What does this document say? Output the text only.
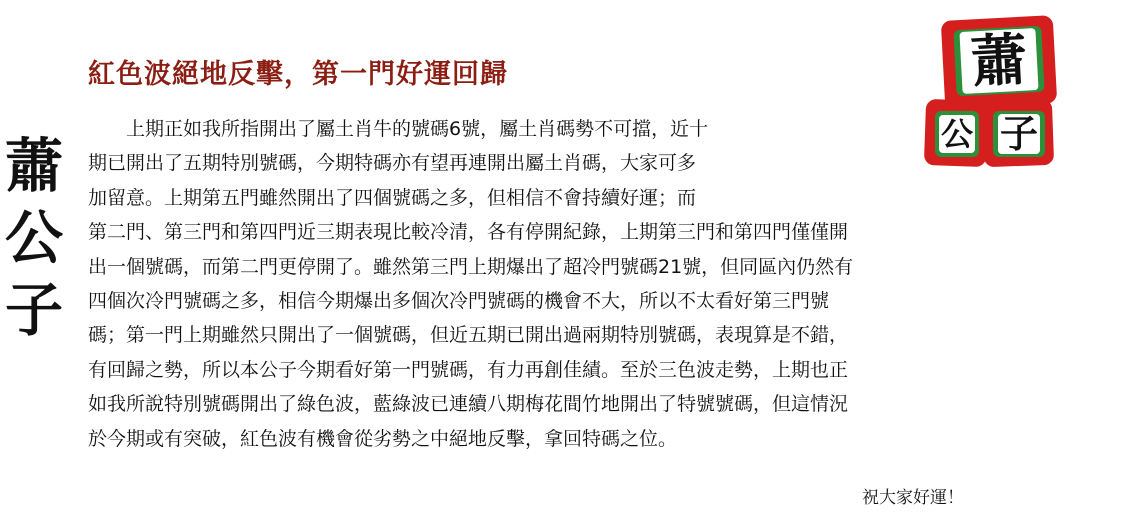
蕭
公
子
蕭
公 子
紅色波絕地反擊，第一門好運回歸
上期正如我所指開出了屬土肖牛的號碼6號，屬土肖碼勢不可擋，近十
期已開出了五期特別號碼，今期特碼亦有望再連開出屬土肖碼，大家可多
加留意。上期第五門雖然開出了四個號碼之多，但相信不會持續好運；而
第二門、第三門和第四門近三期表現比較冷清，各有停開紀錄，上期第三門和第四門僅僅開
出一個號碼，而第二門更停開了。雖然第三門上期爆出了超冷門號碼21號，但同區內仍然有
四個次冷門號碼之多，相信今期爆出多個次冷門號碼的機會不大，所以不太看好第三門號
碼；第一門上期雖然只開出了一個號碼，但近五期已開出過兩期特別號碼，表現算是不錯，
有回歸之勢，所以本公子今期看好第一門號碼，有力再創佳績。至於三色波走勢，上期也正
如我所說特別號碼開出了綠色波，藍綠波已連續八期梅花間竹地開出了特號號碼，但這情況
於今期或有突破，紅色波有機會從劣勢之中絕地反擊，拿回特碼之位。
祝大家好運！
